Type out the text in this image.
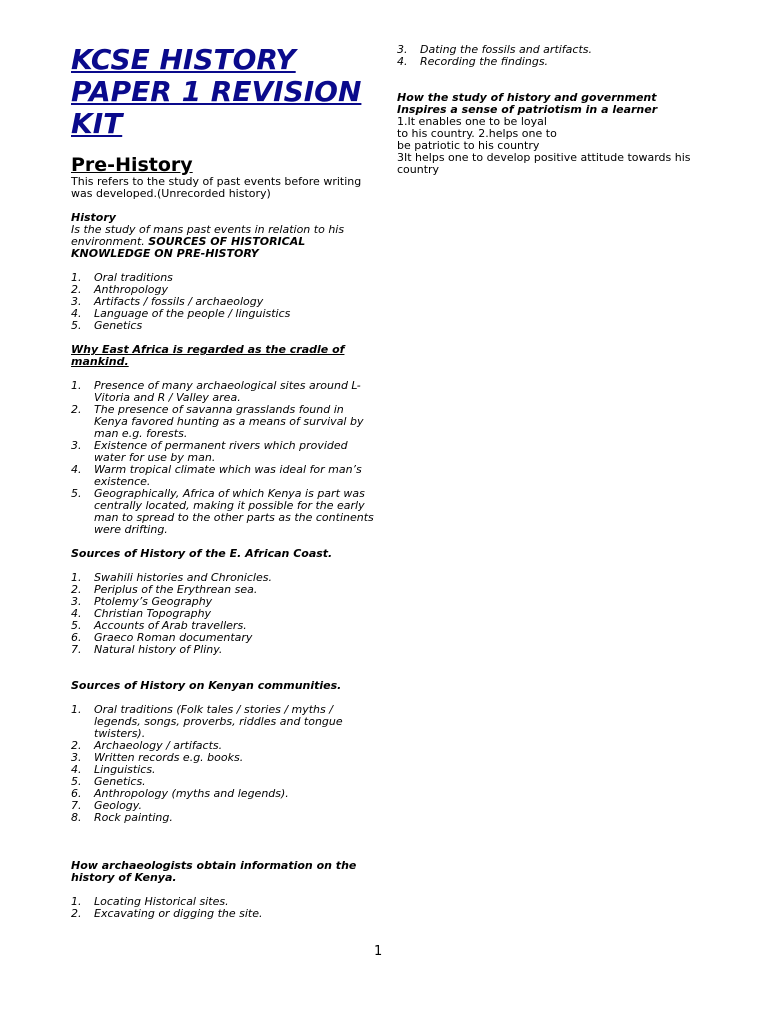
KCSE HISTORY
PAPER 1 REVISION
KIT
Pre-History

This refers to the study of past events before writing was developed.(Unrecorded history)

History

Is the study of mans past events in relation to his environment. SOURCES OF HISTORICAL KNOWLEDGE ON PRE-HISTORY

1. Oral traditions
2. Anthropology
3. Artifacts / fossils / archaeology
4. Language of the people / linguistics
5. Genetics

Why East Africa is regarded as the cradle of mankind.

1. Presence of many archaeological sites around L- Vitoria and R / Valley area.
2. The presence of savanna grasslands found in Kenya favored hunting as a means of survival by man e.g. forests.
3. Existence of permanent rivers which provided water for use by man.
4. Warm tropical climate which was ideal for man’s existence.
5. Geographically, Africa of which Kenya is part was centrally located, making it possible for the early man to spread to the other parts as the continents were drifting.

Sources of History of the E. African Coast.

1. Swahili histories and Chronicles.
2. Periplus of the Erythrean sea.
3. Ptolemy’s Geography
4. Christian Topography
5. Accounts of Arab travellers.
6. Graeco Roman documentary
7. Natural history of Pliny.

Sources of History on Kenyan communities.

1. Oral traditions (Folk tales / stories / myths / legends, songs, proverbs, riddles and tongue twisters).
2. Archaeology / artifacts.
3. Written records e.g. books.
4. Linguistics.
5. Genetics.
6. Anthropology (myths and legends).
7. Geology.
8. Rock painting.

How archaeologists obtain information on the history of Kenya.

1. Locating Historical sites.
2. Excavating or digging the site.
3. Dating the fossils and artifacts.
4. Recording the findings.

How the study of history and government Inspires a sense of patriotism in a learner

1.It enables one to be loyal

to his country. 2.helps one to

be patriotic to his country

3It helps one to develop positive attitude towards his country

1
